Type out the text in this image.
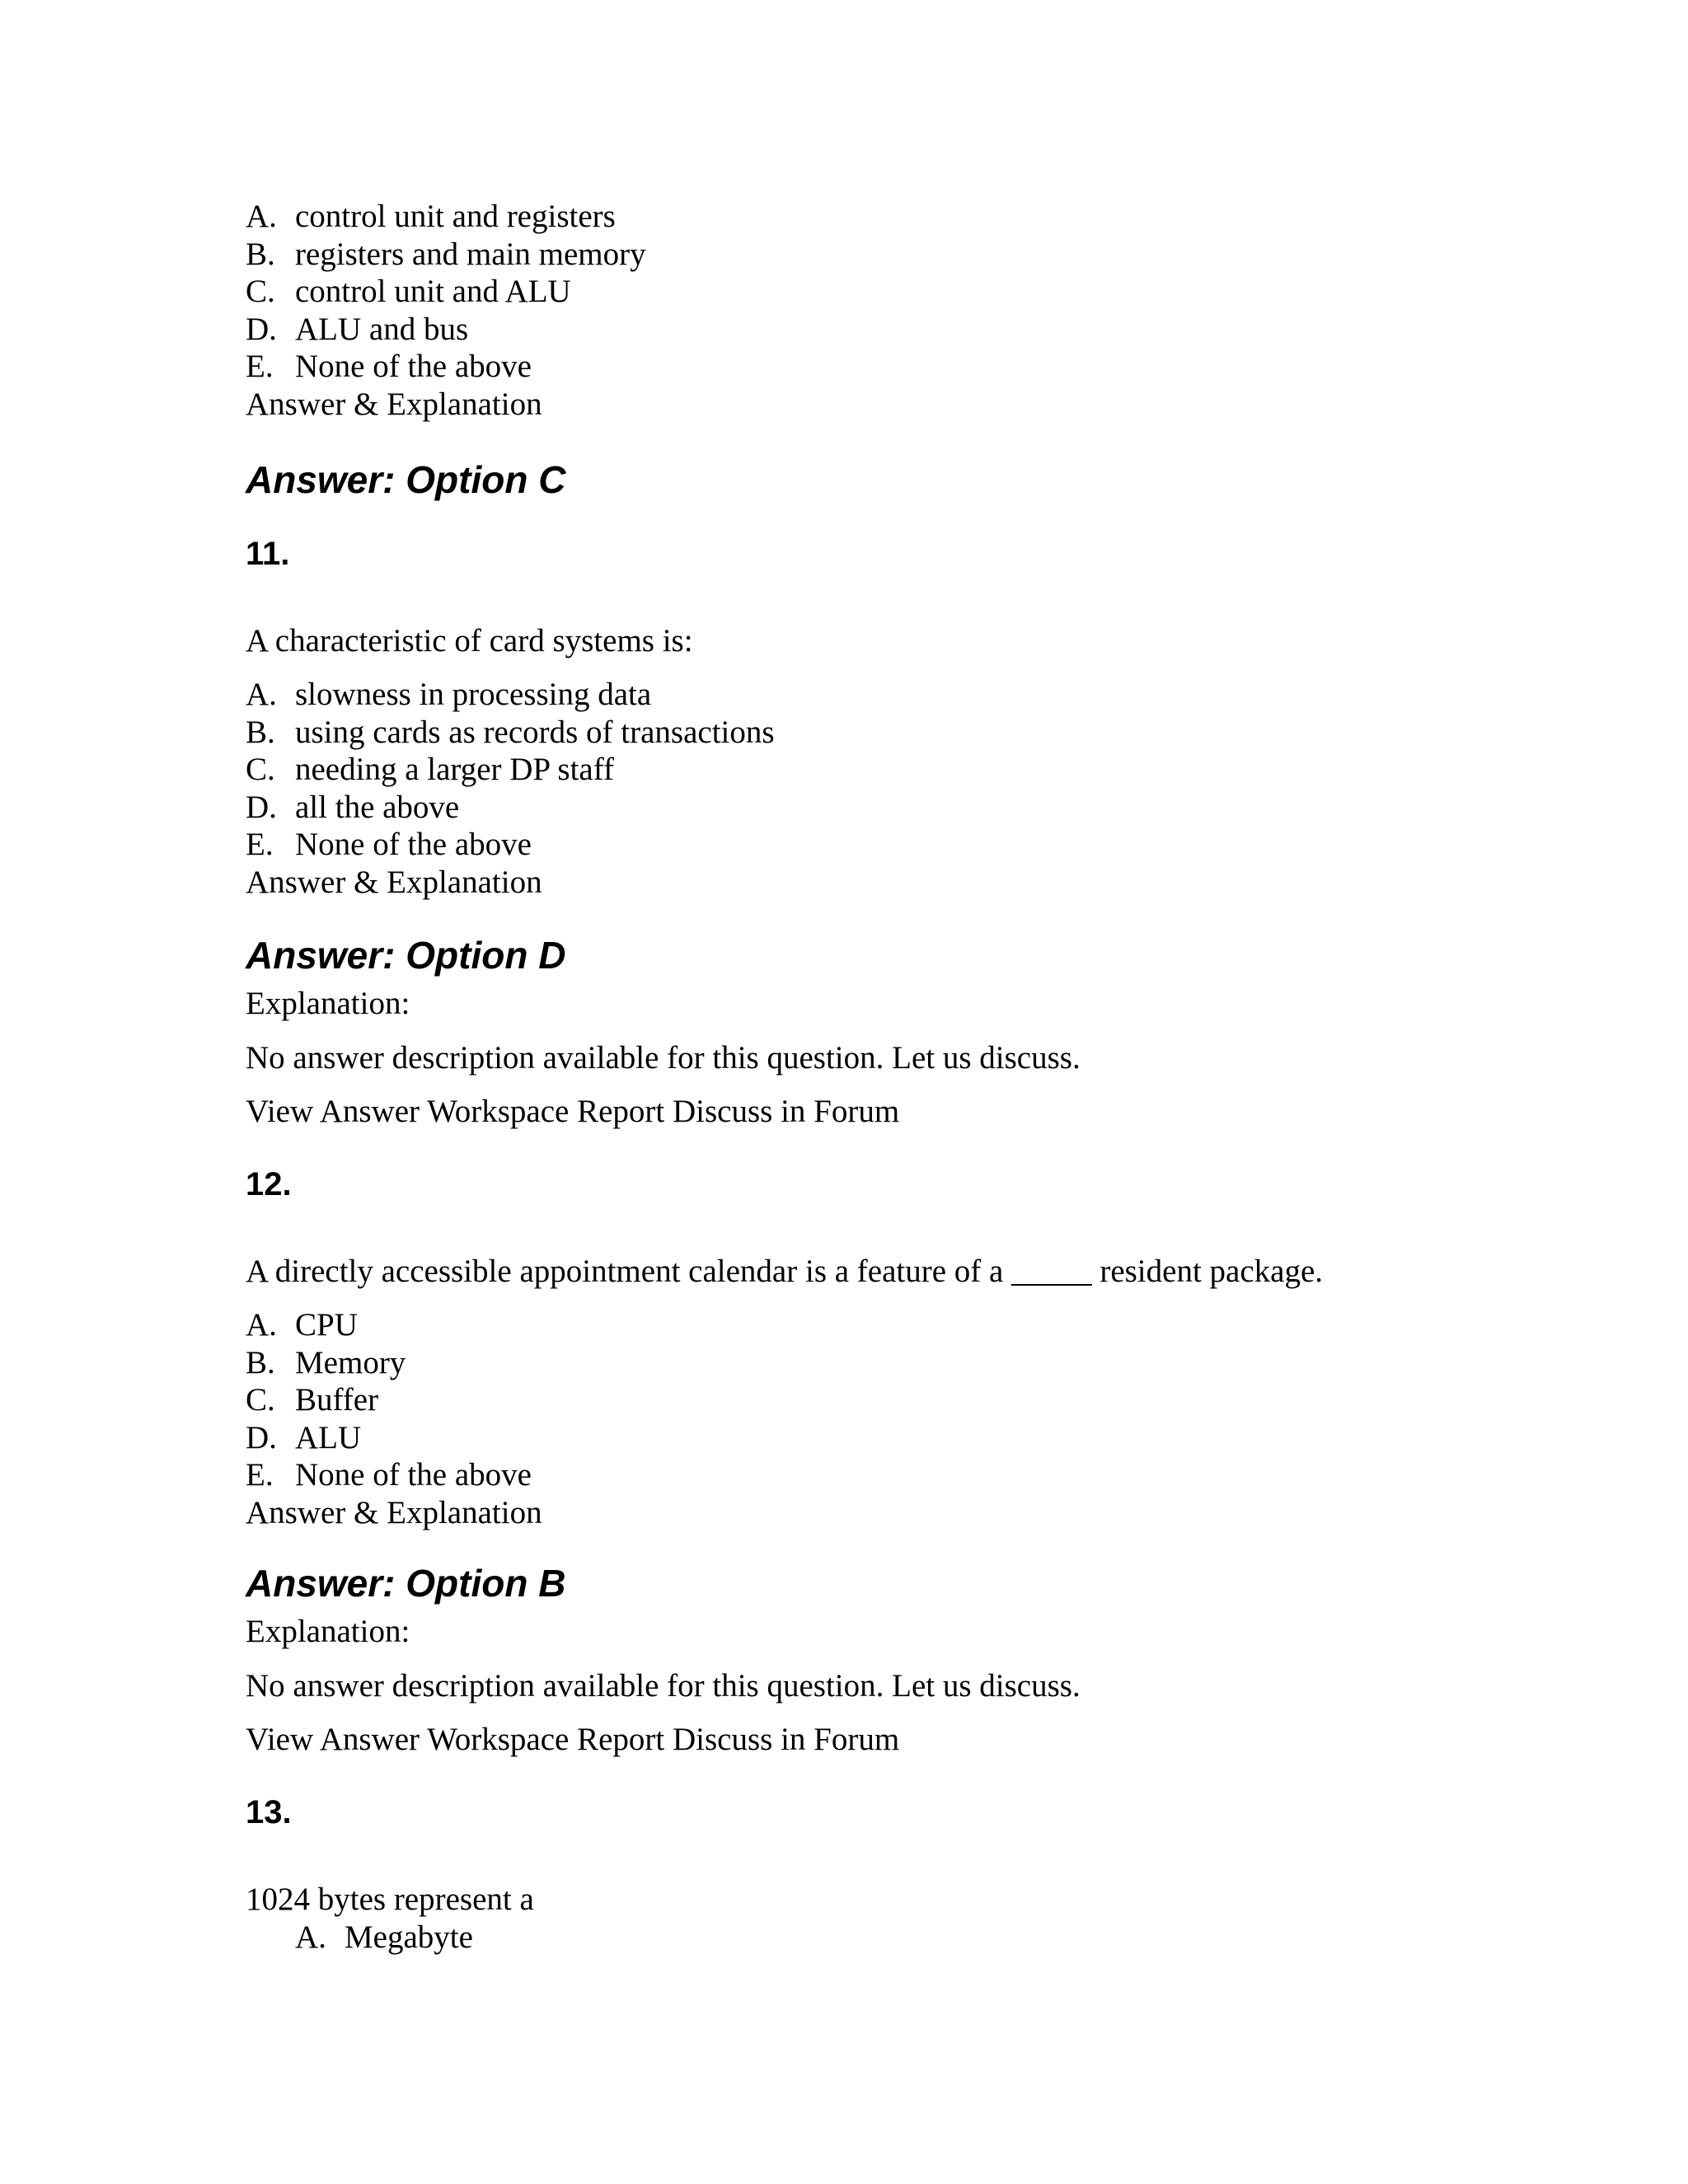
A. control unit and registers
B. registers and main memory
C. control unit and ALU
D. ALU and bus
E. None of the above
Answer & Explanation
Answer: Option C
11.
A characteristic of card systems is:
A. slowness in processing data
B. using cards as records of transactions
C. needing a larger DP staff
D. all the above
E. None of the above
Answer & Explanation
Answer: Option D
Explanation:
No answer description available for this question. Let us discuss.
View Answer Workspace Report Discuss in Forum
12.
A directly accessible appointment calendar is a feature of a _____ resident package.
A. CPU
B. Memory
C. Buffer
D. ALU
E. None of the above
Answer & Explanation
Answer: Option B
Explanation:
No answer description available for this question. Let us discuss.
View Answer Workspace Report Discuss in Forum
13.
1024 bytes represent a
A. Megabyte
